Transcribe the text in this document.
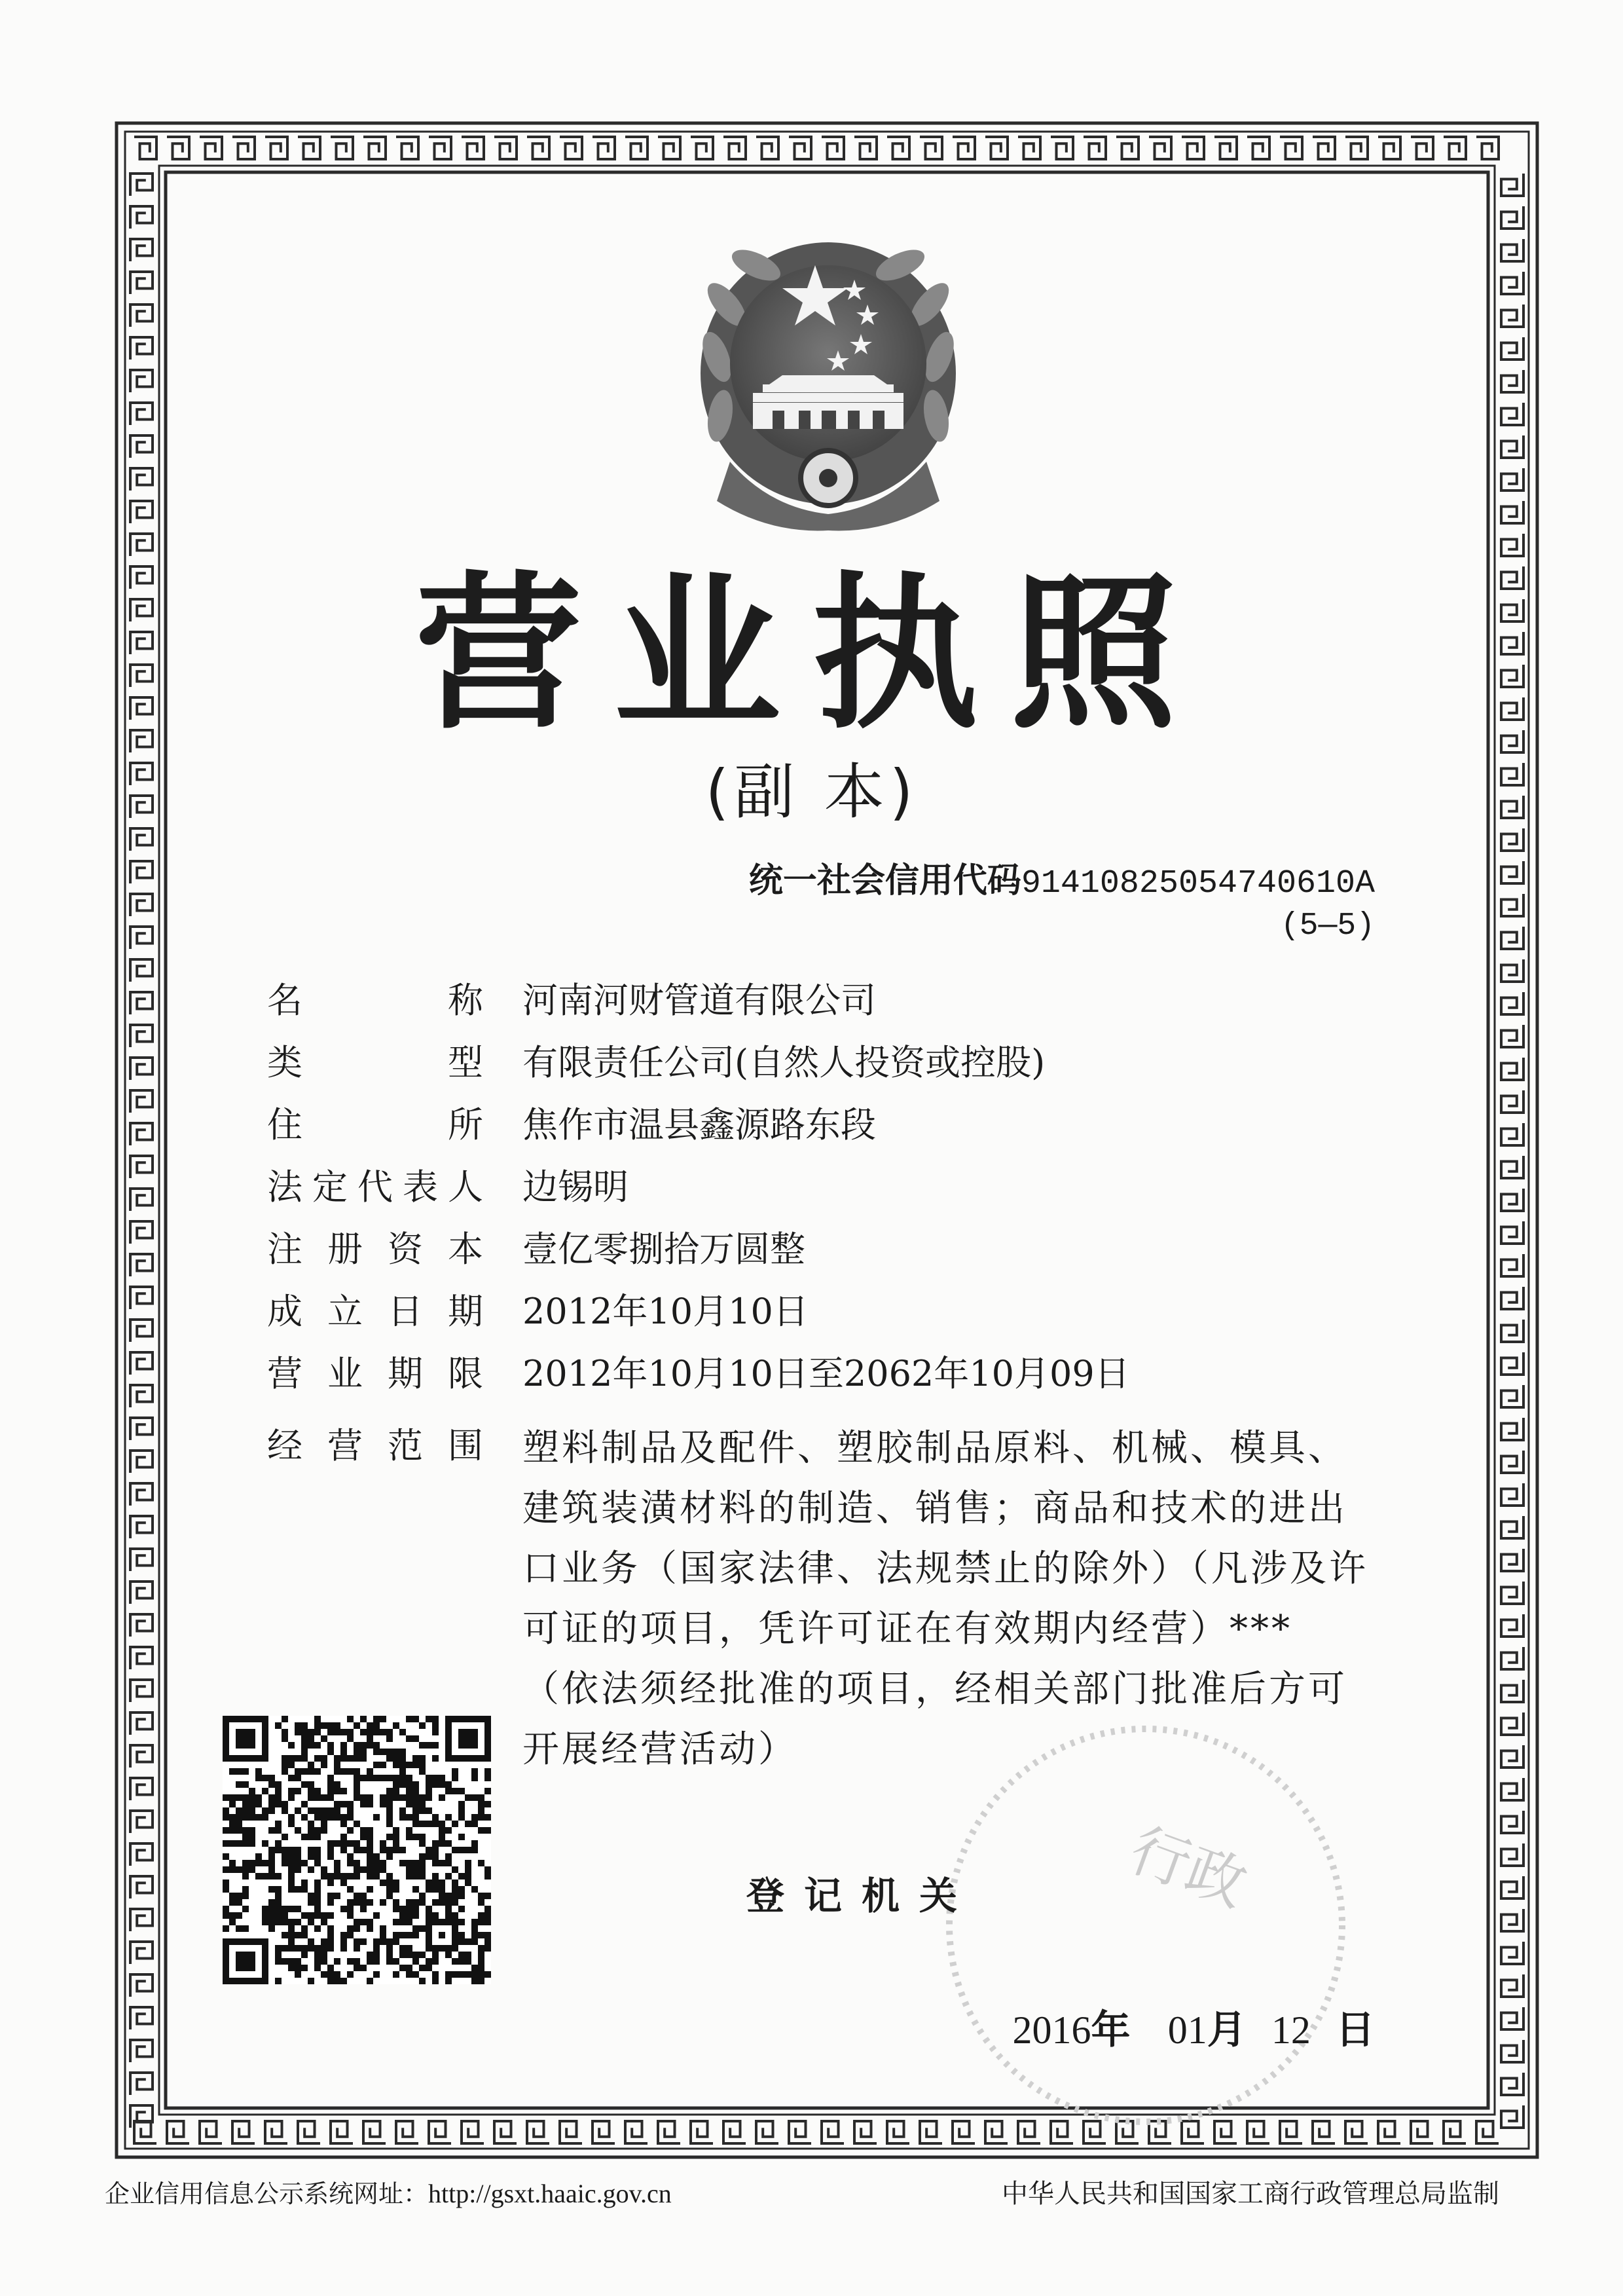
营业执照
(副 本)
统一社会信用代码91410825054740610A
(5—5)
名	称 河南河财管道有限公司
类	型 有限责任公司(自然人投资或控股)
住	所 焦作市温县鑫源路东段
法 定 代 表 人 边锡明
注 册 资 本 壹亿零捌拾万圆整
成 立 日 期 2012年10月10日
营 业 期 限 2012年10月10日至2062年10月09日
经 营 范 围 塑料制品及配件、塑胶制品原料、机械、模具、建筑装潢材料的制造、销售；商品和技术的进出口业务（国家法律、法规禁止的除外）（凡涉及许可证的项目，凭许可证在有效期内经营）***
（依法须经批准的项目，经相关部门批准后方可开展经营活动）
行政
登记机关
2016年 01月 12 日
企业信用信息公示系统网址：http://gsxt.haaic.gov.cn	中华人民共和国国家工商行政管理总局监制
